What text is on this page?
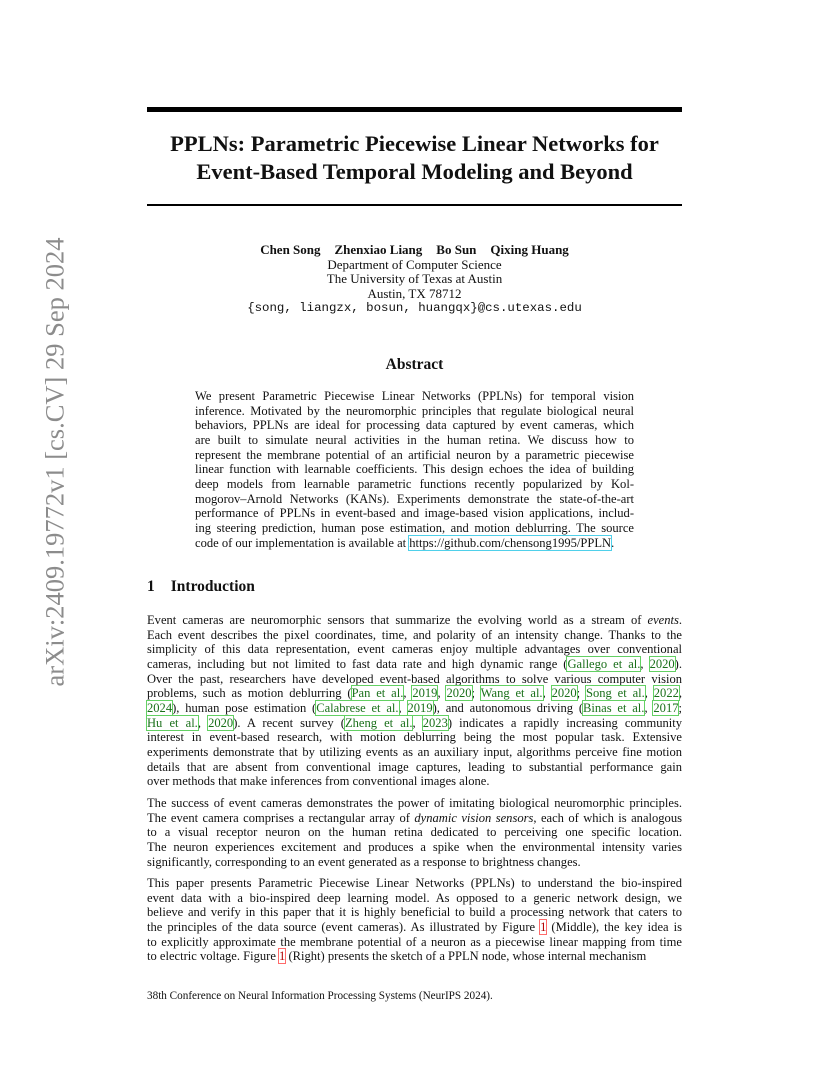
arXiv:2409.19772v1 [cs.CV] 29 Sep 2024
PPLNs: Parametric Piecewise Linear Networks for
Event-Based Temporal Modeling and Beyond
Chen Song Zhenxiao Liang Bo Sun Qixing Huang
Department of Computer Science
The University of Texas at Austin
Austin, TX 78712
{song, liangzx, bosun, huangqx}@cs.utexas.edu
Abstract
We present Parametric Piecewise Linear Networks (PPLNs) for temporal vision
inference. Motivated by the neuromorphic principles that regulate biological neural
behaviors, PPLNs are ideal for processing data captured by event cameras, which
are built to simulate neural activities in the human retina. We discuss how to
represent the membrane potential of an artificial neuron by a parametric piecewise
linear function with learnable coefficients. This design echoes the idea of building
deep models from learnable parametric functions recently popularized by Kol-
mogorov–Arnold Networks (KANs). Experiments demonstrate the state-of-the-art
performance of PPLNs in event-based and image-based vision applications, includ-
ing steering prediction, human pose estimation, and motion deblurring. The source
code of our implementation is available at https://github.com/chensong1995/PPLN.
1 Introduction
Event cameras are neuromorphic sensors that summarize the evolving world as a stream of events.
Each event describes the pixel coordinates, time, and polarity of an intensity change. Thanks to the
simplicity of this data representation, event cameras enjoy multiple advantages over conventional
cameras, including but not limited to fast data rate and high dynamic range (Gallego et al., 2020).
Over the past, researchers have developed event-based algorithms to solve various computer vision
problems, such as motion deblurring (Pan et al., 2019, 2020; Wang et al., 2020; Song et al., 2022,
2024), human pose estimation (Calabrese et al., 2019), and autonomous driving (Binas et al., 2017;
Hu et al., 2020). A recent survey (Zheng et al., 2023) indicates a rapidly increasing community
interest in event-based research, with motion deblurring being the most popular task. Extensive
experiments demonstrate that by utilizing events as an auxiliary input, algorithms perceive fine motion
details that are absent from conventional image captures, leading to substantial performance gain
over methods that make inferences from conventional images alone.
The success of event cameras demonstrates the power of imitating biological neuromorphic principles.
The event camera comprises a rectangular array of dynamic vision sensors, each of which is analogous
to a visual receptor neuron on the human retina dedicated to perceiving one specific location.
The neuron experiences excitement and produces a spike when the environmental intensity varies
significantly, corresponding to an event generated as a response to brightness changes.
This paper presents Parametric Piecewise Linear Networks (PPLNs) to understand the bio-inspired
event data with a bio-inspired deep learning model. As opposed to a generic network design, we
believe and verify in this paper that it is highly beneficial to build a processing network that caters to
the principles of the data source (event cameras). As illustrated by Figure 1 (Middle), the key idea is
to explicitly approximate the membrane potential of a neuron as a piecewise linear mapping from time
to electric voltage. Figure 1 (Right) presents the sketch of a PPLN node, whose internal mechanism
38th Conference on Neural Information Processing Systems (NeurIPS 2024).
